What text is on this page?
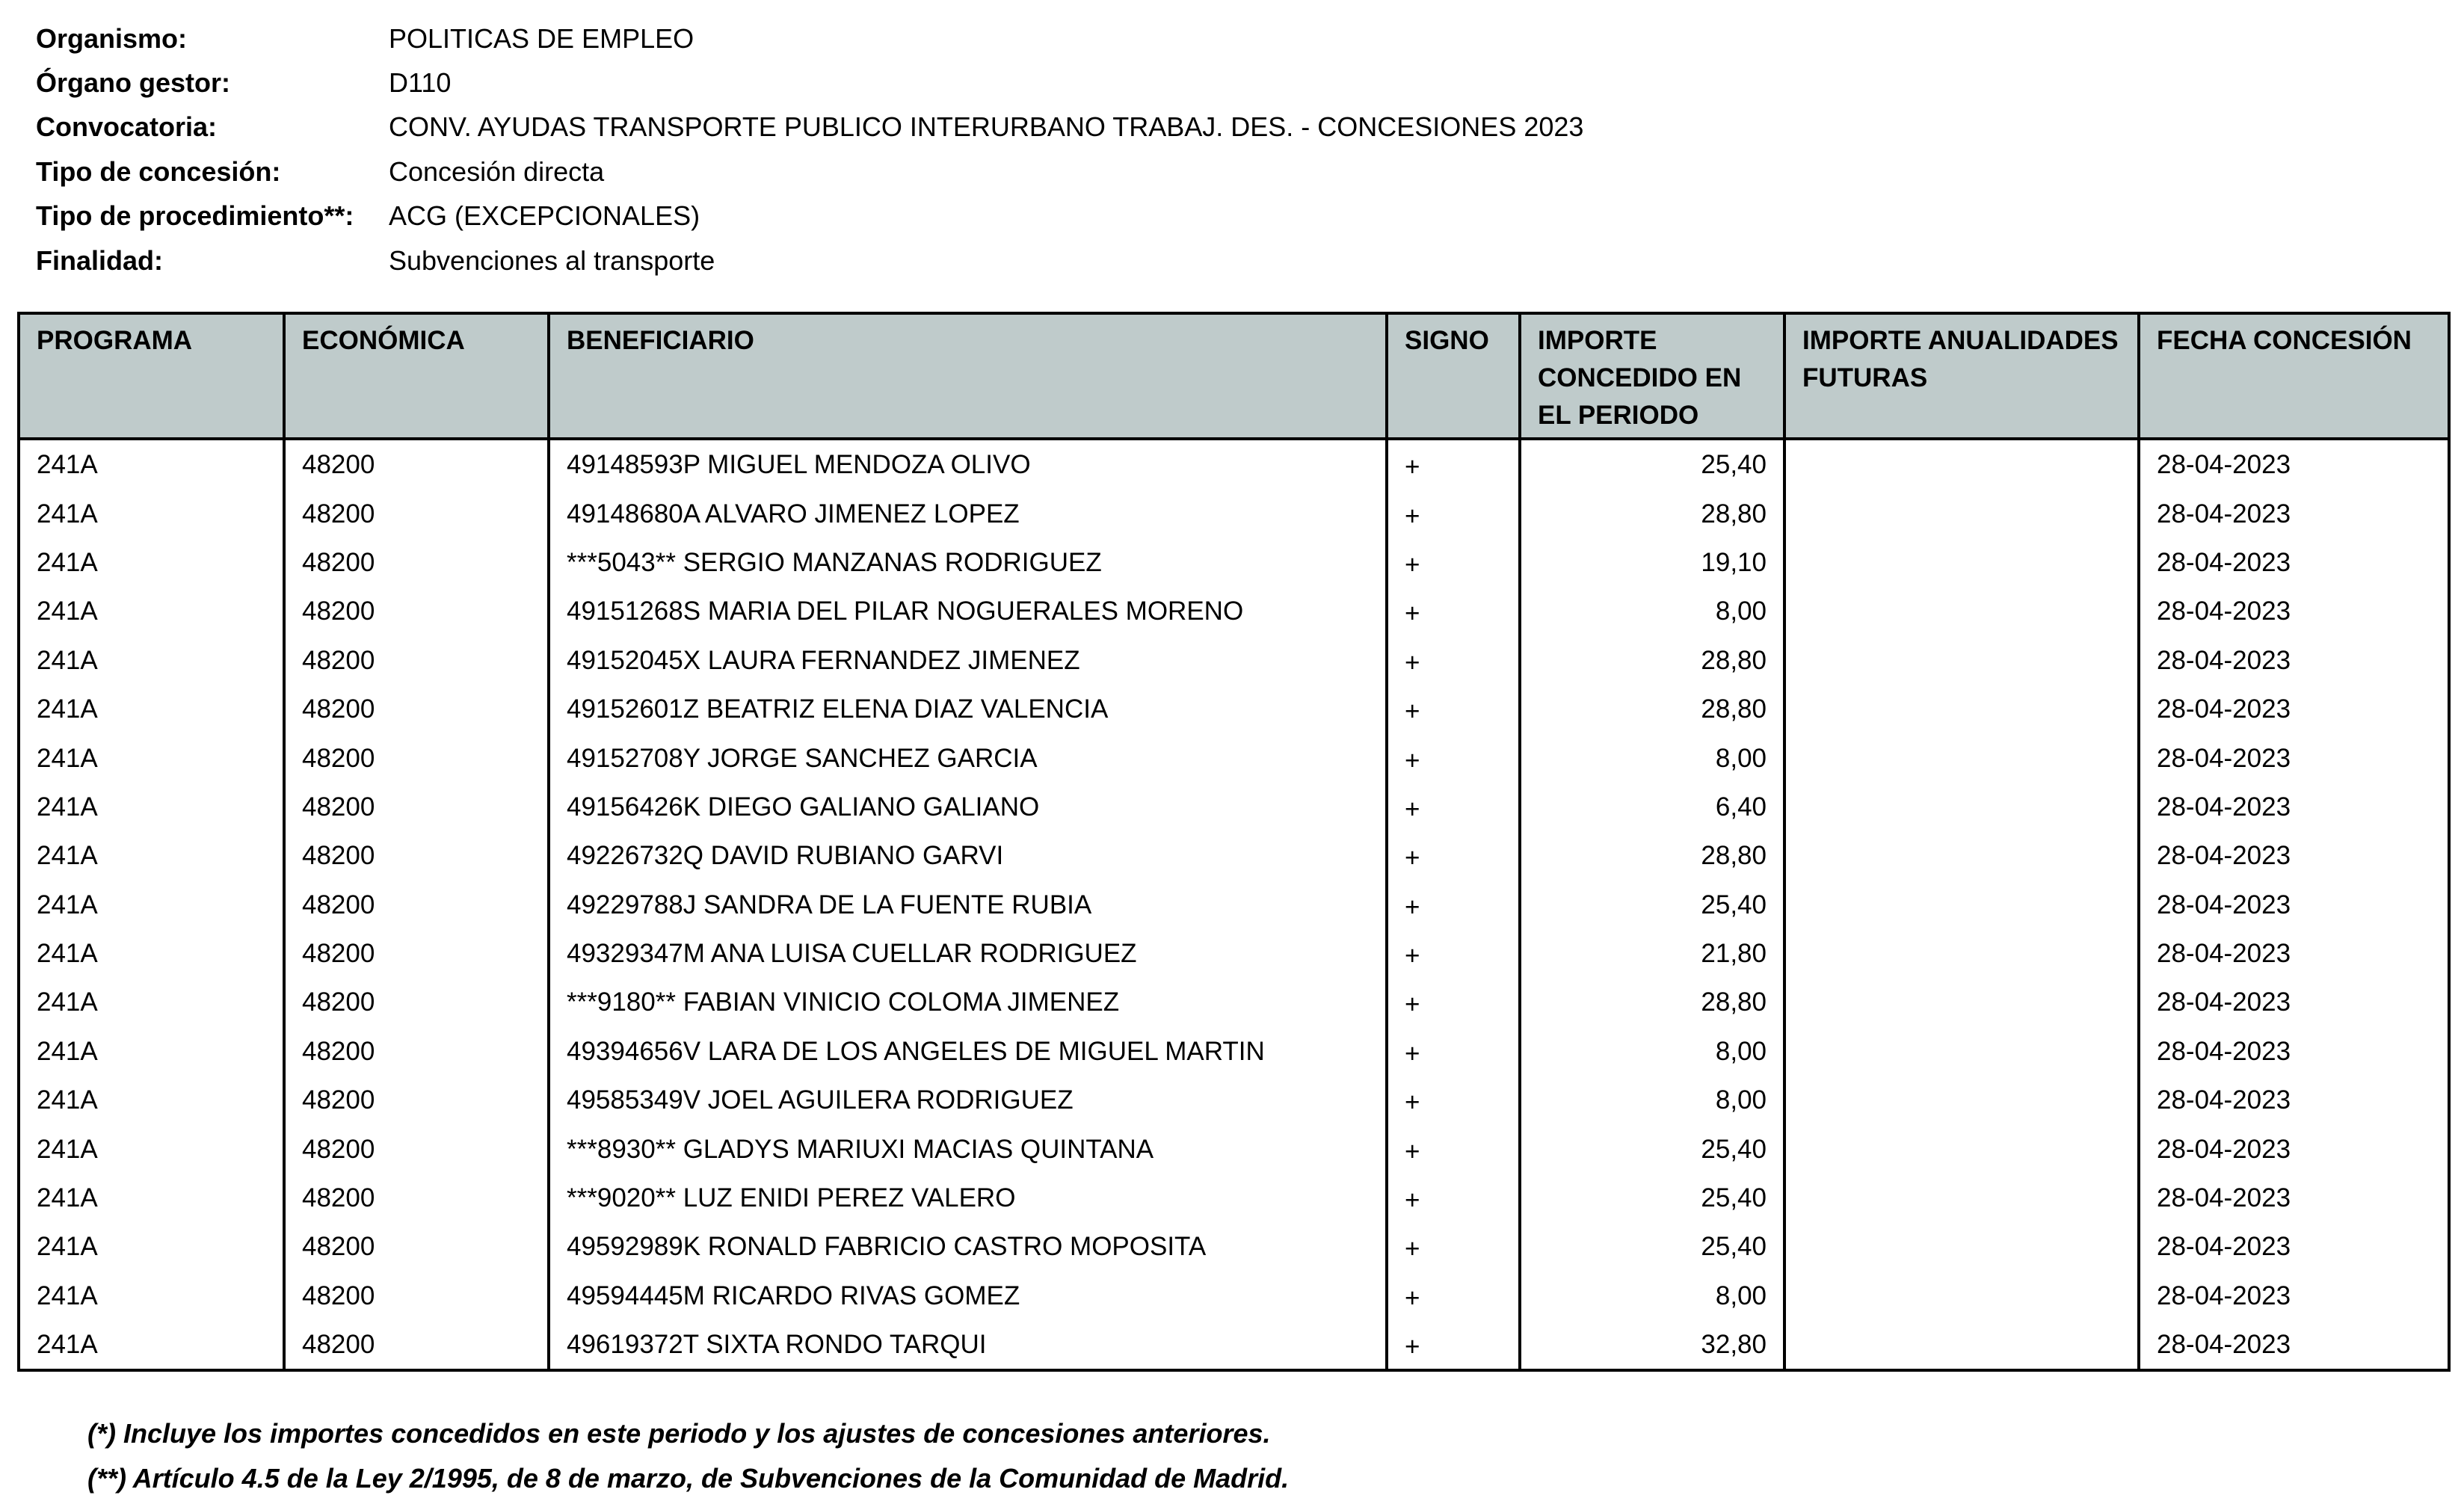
Organismo:	POLITICAS DE EMPLEO
Órgano gestor:	D110
Convocatoria:	CONV. AYUDAS TRANSPORTE PUBLICO INTERURBANO TRABAJ. DES. - CONCESIONES 2023
Tipo de concesión:	Concesión directa
Tipo de procedimiento**:	ACG (EXCEPCIONALES)
Finalidad:	Subvenciones al transporte
PROGRAMA	ECONÓMICA	BENEFICIARIO	SIGNO	IMPORTE CONCEDIDO EN EL PERIODO	IMPORTE ANUALIDADES FUTURAS	FECHA CONCESIÓN
241A	48200	49148593P MIGUEL MENDOZA OLIVO	+	25,40		28-04-2023
241A	48200	49148680A ALVARO JIMENEZ LOPEZ	+	28,80		28-04-2023
241A	48200	***5043** SERGIO MANZANAS RODRIGUEZ	+	19,10		28-04-2023
241A	48200	49151268S MARIA DEL PILAR NOGUERALES MORENO	+	8,00		28-04-2023
241A	48200	49152045X LAURA FERNANDEZ JIMENEZ	+	28,80		28-04-2023
241A	48200	49152601Z BEATRIZ ELENA DIAZ VALENCIA	+	28,80		28-04-2023
241A	48200	49152708Y JORGE SANCHEZ GARCIA	+	8,00		28-04-2023
241A	48200	49156426K DIEGO GALIANO GALIANO	+	6,40		28-04-2023
241A	48200	49226732Q DAVID RUBIANO GARVI	+	28,80		28-04-2023
241A	48200	49229788J SANDRA DE LA FUENTE RUBIA	+	25,40		28-04-2023
241A	48200	49329347M ANA LUISA CUELLAR RODRIGUEZ	+	21,80		28-04-2023
241A	48200	***9180** FABIAN VINICIO COLOMA JIMENEZ	+	28,80		28-04-2023
241A	48200	49394656V LARA DE LOS ANGELES DE MIGUEL MARTIN	+	8,00		28-04-2023
241A	48200	49585349V JOEL AGUILERA RODRIGUEZ	+	8,00		28-04-2023
241A	48200	***8930** GLADYS MARIUXI MACIAS QUINTANA	+	25,40		28-04-2023
241A	48200	***9020** LUZ ENIDI PEREZ VALERO	+	25,40		28-04-2023
241A	48200	49592989K RONALD FABRICIO CASTRO MOPOSITA	+	25,40		28-04-2023
241A	48200	49594445M RICARDO RIVAS GOMEZ	+	8,00		28-04-2023
241A	48200	49619372T SIXTA RONDO TARQUI	+	32,80		28-04-2023

(*) Incluye los importes concedidos en este periodo y los ajustes de concesiones anteriores.
(**) Artículo 4.5 de la Ley 2/1995, de 8 de marzo, de Subvenciones de la Comunidad de Madrid.
